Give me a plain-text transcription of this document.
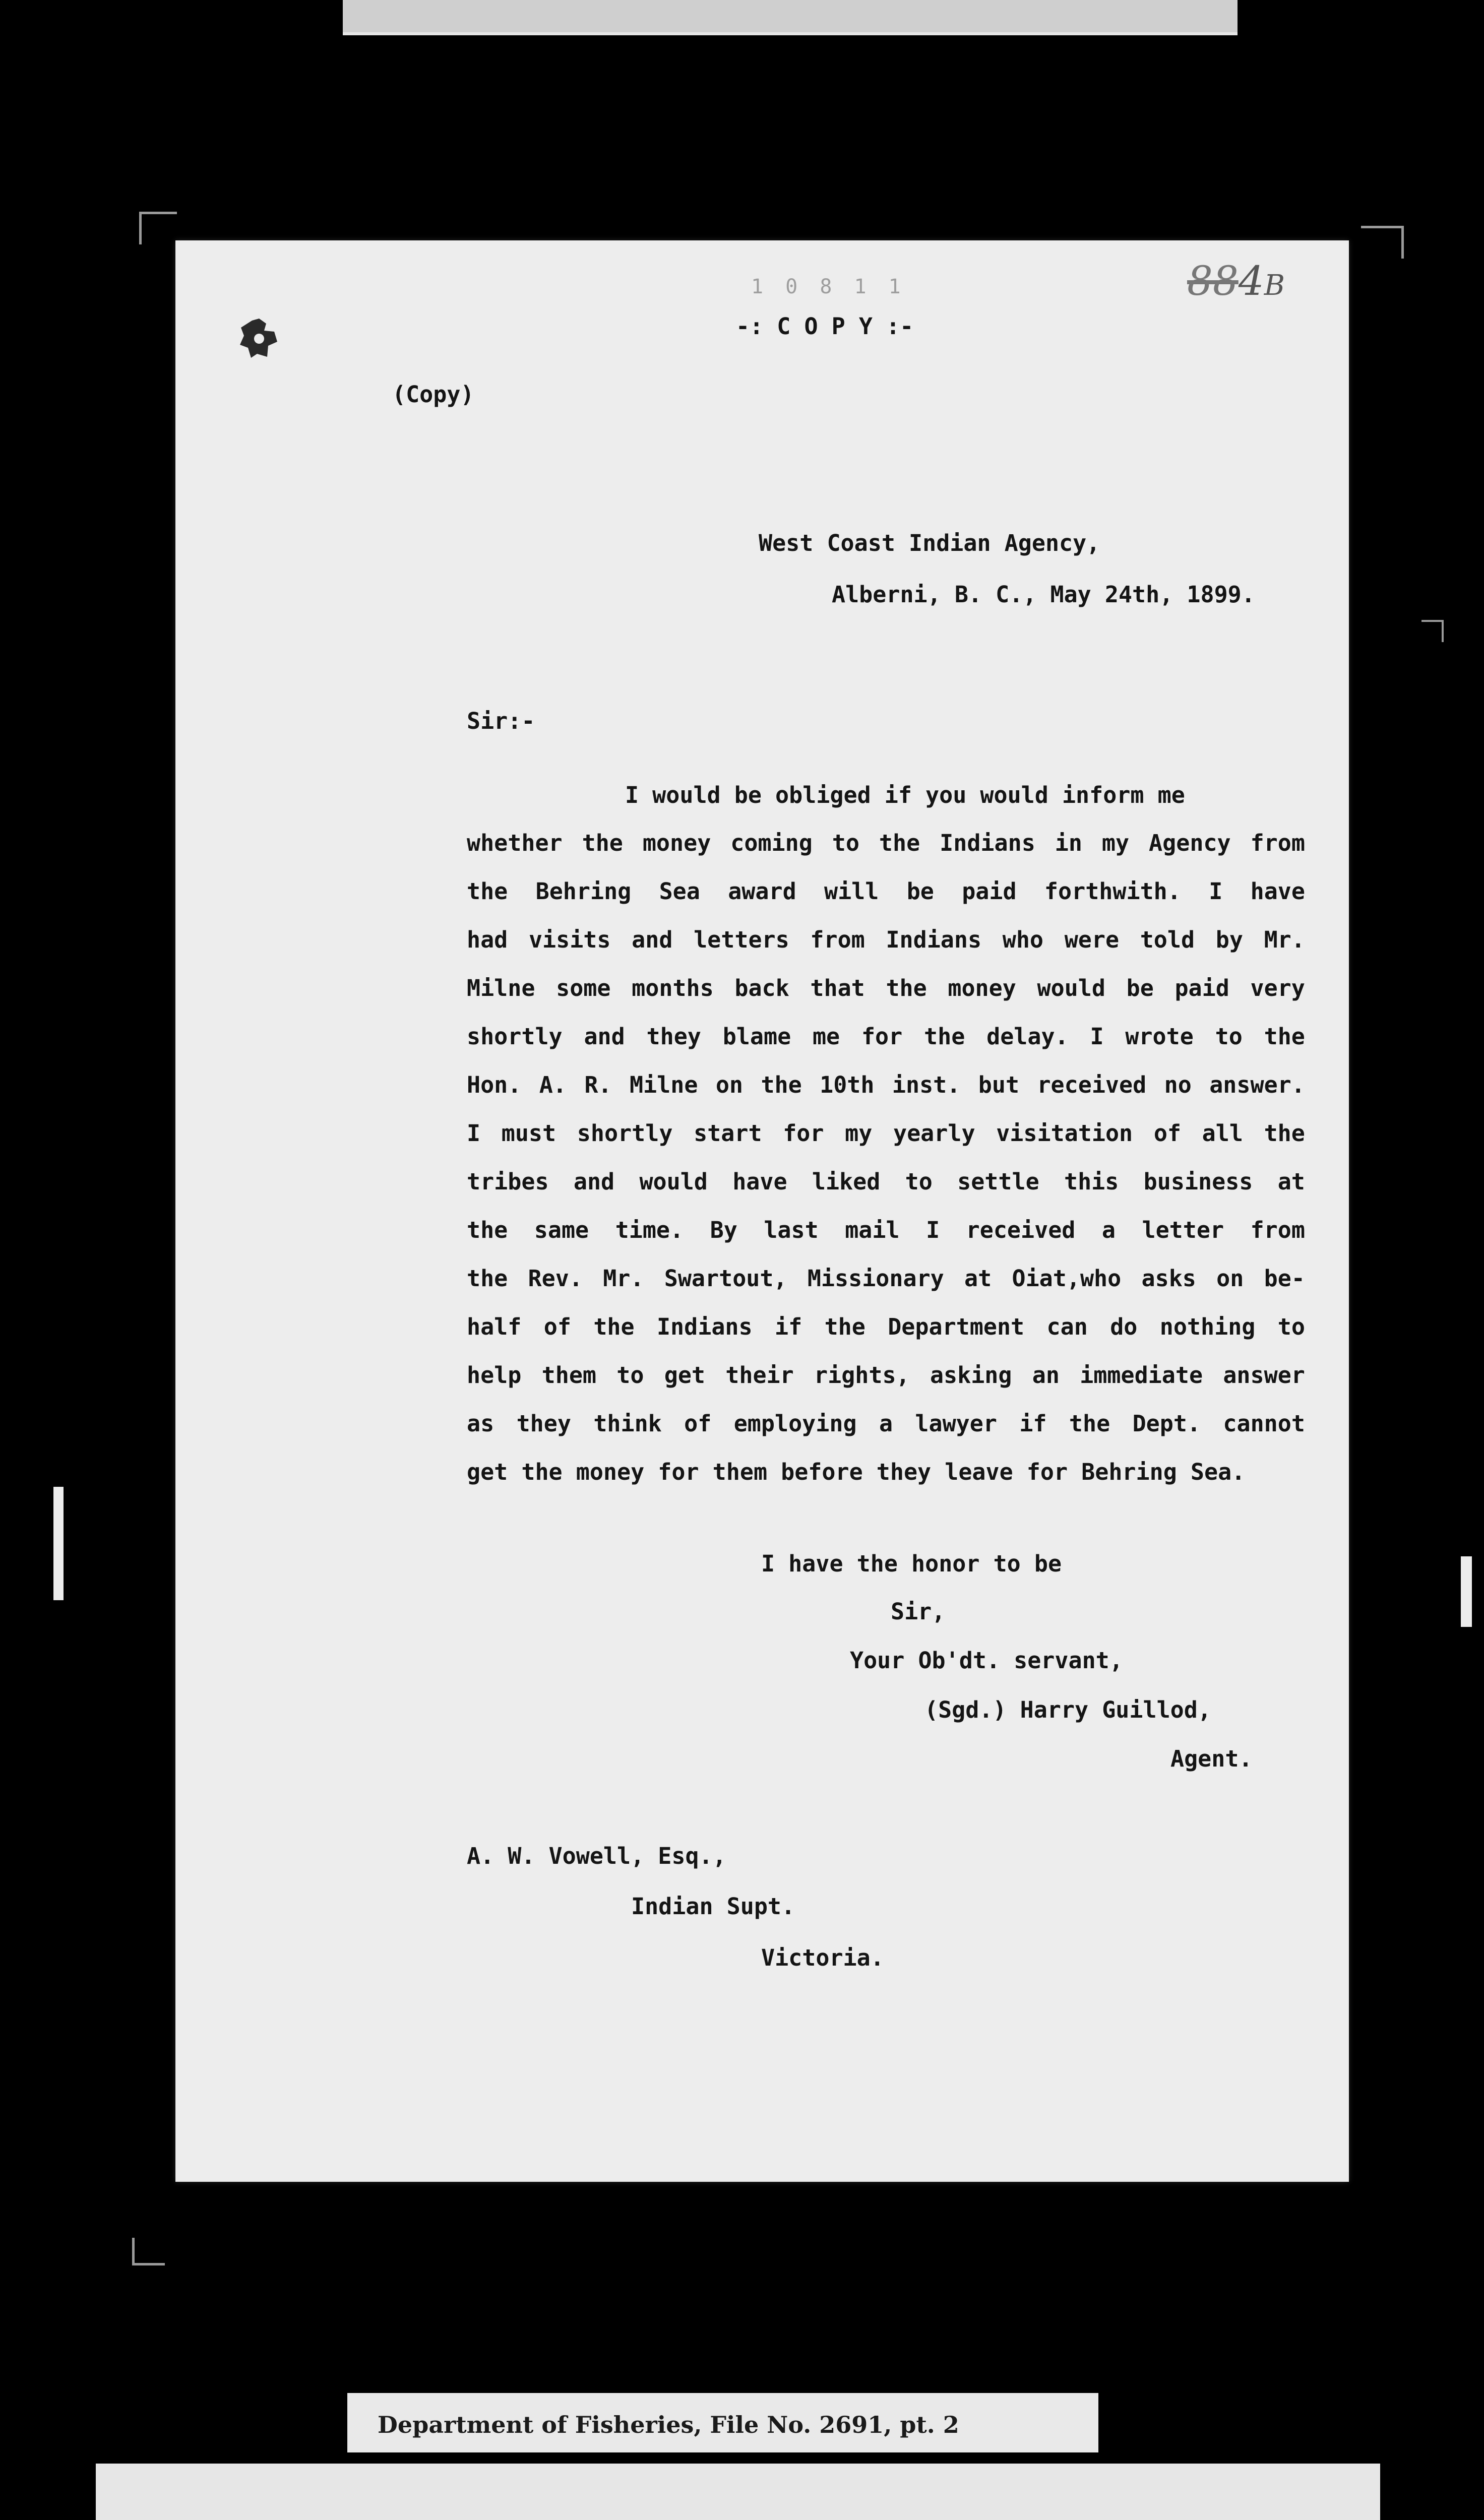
1 0 8 1 1	884B
-: C O P Y :-
(Copy)
West Coast Indian Agency,
Alberni, B. C., May 24th, 1899.
Sir:-
I would be obliged if you would inform me
whether the money coming to the Indians in my Agency from
the Behring Sea award will be paid forthwith. I have
had visits and letters from Indians who were told by Mr.
Milne some months back that the money would be paid very
shortly and they blame me for the delay. I wrote to the
Hon. A. R. Milne on the 10th inst. but received no answer.
I must shortly start for my yearly visitation of all the
tribes and would have liked to settle this business at
the same time. By last mail I received a letter from
the Rev. Mr. Swartout, Missionary at Oiat,who asks on be-
half of the Indians if the Department can do nothing to
help them to get their rights, asking an immediate answer
as they think of employing a lawyer if the Dept. cannot
get the money for them before they leave for Behring Sea.
I have the honor to be
Sir,
Your Ob'dt. servant,
(Sgd.) Harry Guillod,
Agent.
A. W. Vowell, Esq.,
Indian Supt.
Victoria.
Department of Fisheries, File No. 2691, pt. 2
